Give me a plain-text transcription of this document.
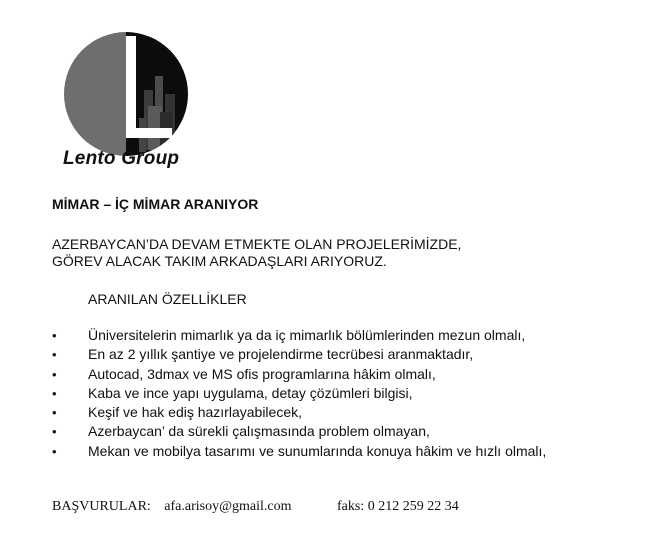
Lento Group
MİMAR – İÇ MİMAR ARANIYOR
AZERBAYCAN’DA DEVAM ETMEKTE OLAN PROJELERİMİZDE,
GÖREV ALACAK TAKIM ARKADAŞLARI ARIYORUZ.
ARANILAN ÖZELLİKLER
• Üniversitelerin mimarlık ya da iç mimarlık bölümlerinden mezun olmalı,
• En az 2 yıllık şantiye ve projelendirme tecrübesi aranmaktadır,
• Autocad, 3dmax ve MS ofis programlarına hâkim olmalı,
• Kaba ve ince yapı uygulama, detay çözümleri bilgisi,
• Keşif ve hak ediş hazırlayabilecek,
• Azerbaycan’ da sürekli çalışmasında problem olmayan,
• Mekan ve mobilya tasarımı ve sunumlarında konuya hâkim ve hızlı olmalı,
BAŞVURULAR: afa.arisoy@gmail.com	faks: 0 212 259 22 34
